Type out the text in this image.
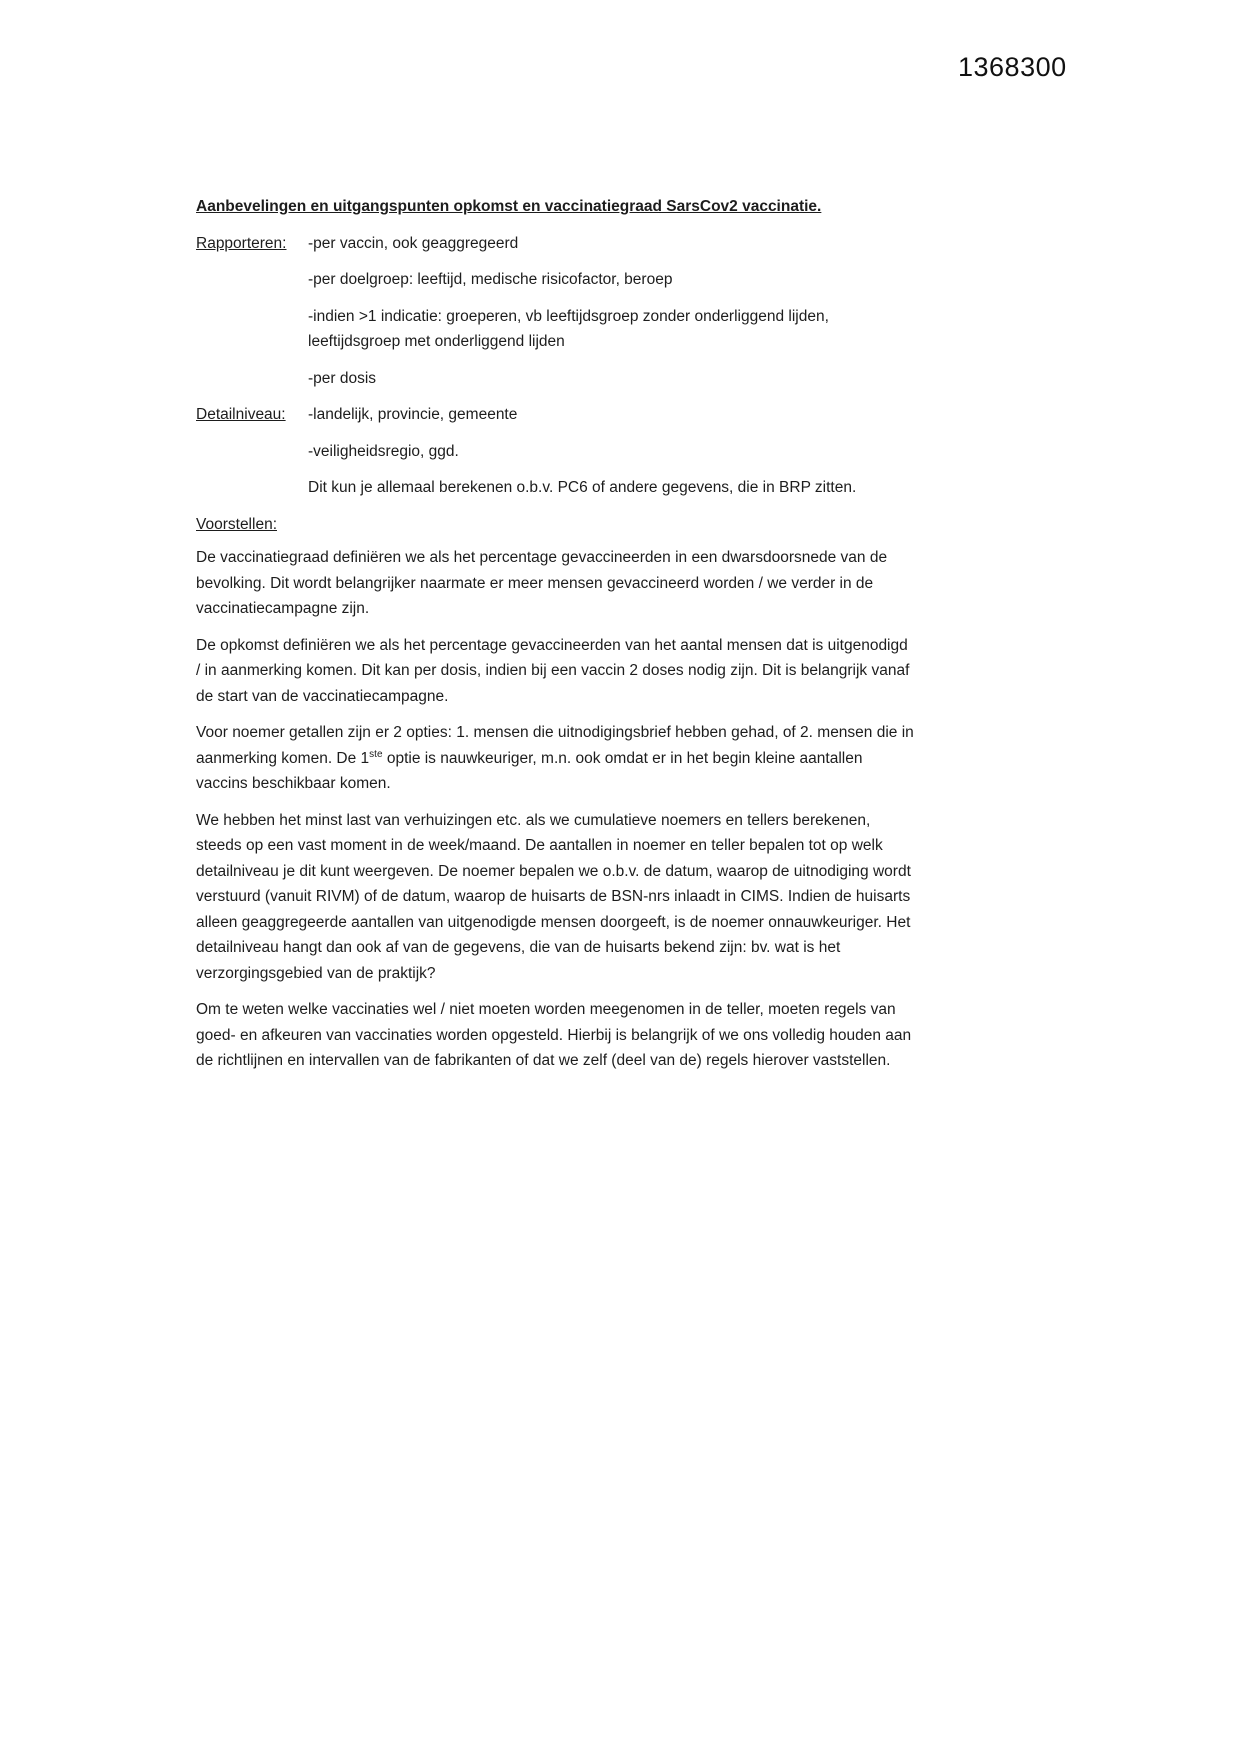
1368300
Aanbevelingen en uitgangspunten opkomst en vaccinatiegraad SarsCov2 vaccinatie.
Rapporteren:	-per vaccin, ook geaggregeerd

-per doelgroep: leeftijd, medische risicofactor, beroep

-indien >1 indicatie: groeperen, vb leeftijdsgroep zonder onderliggend lijden, leeftijdsgroep met onderliggend lijden

-per dosis

Detailniveau:	-landelijk, provincie, gemeente

-veiligheidsregio, ggd.

Dit kun je allemaal berekenen o.b.v. PC6 of andere gegevens, die in BRP zitten.

Voorstellen:

De vaccinatiegraad definiëren we als het percentage gevaccineerden in een dwarsdoorsnede van de bevolking. Dit wordt belangrijker naarmate er meer mensen gevaccineerd worden / we verder in de vaccinatiecampagne zijn.

De opkomst definiëren we als het percentage gevaccineerden van het aantal mensen dat is uitgenodigd / in aanmerking komen. Dit kan per dosis, indien bij een vaccin 2 doses nodig zijn. Dit is belangrijk vanaf de start van de vaccinatiecampagne.

Voor noemer getallen zijn er 2 opties: 1. mensen die uitnodigingsbrief hebben gehad, of 2. mensen die in aanmerking komen. De 1ste optie is nauwkeuriger, m.n. ook omdat er in het begin kleine aantallen vaccins beschikbaar komen.

We hebben het minst last van verhuizingen etc. als we cumulatieve noemers en tellers berekenen, steeds op een vast moment in de week/maand. De aantallen in noemer en teller bepalen tot op welk detailniveau je dit kunt weergeven. De noemer bepalen we o.b.v. de datum, waarop de uitnodiging wordt verstuurd (vanuit RIVM) of de datum, waarop de huisarts de BSN-nrs inlaadt in CIMS. Indien de huisarts alleen geaggregeerde aantallen van uitgenodigde mensen doorgeeft, is de noemer onnauwkeuriger. Het detailniveau hangt dan ook af van de gegevens, die van de huisarts bekend zijn: bv. wat is het verzorgingsgebied van de praktijk?

Om te weten welke vaccinaties wel / niet moeten worden meegenomen in de teller, moeten regels van goed- en afkeuren van vaccinaties worden opgesteld. Hierbij is belangrijk of we ons volledig houden aan de richtlijnen en intervallen van de fabrikanten of dat we zelf (deel van de) regels hierover vaststellen.
